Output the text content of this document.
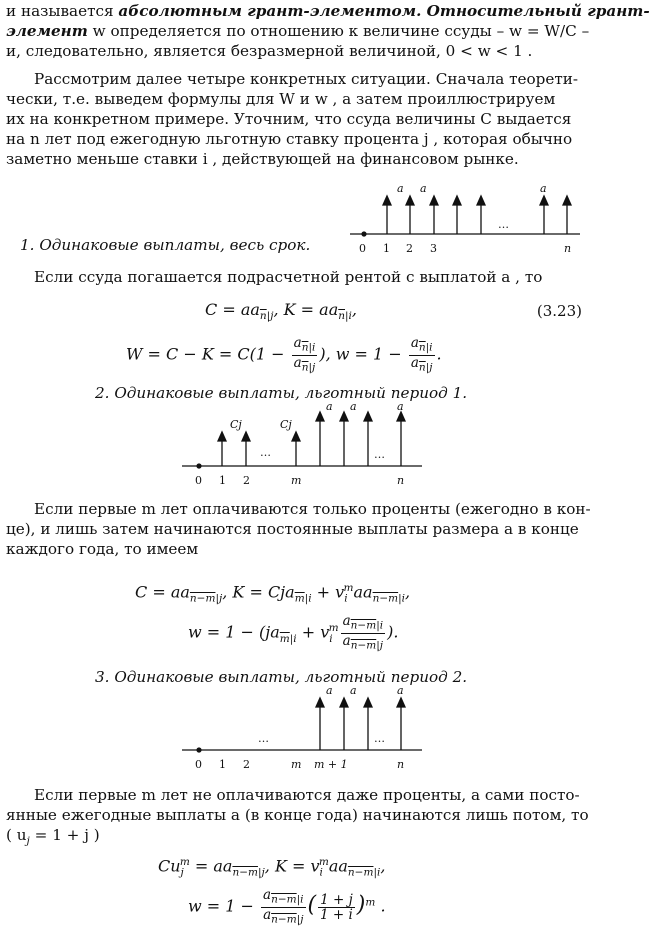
и называется абсолютным грант-элементом. Относительный грант-
элемент w определяется по отношению к величине ссуды – w = W/C –
и, следовательно, является безразмерной величиной, 0 < w < 1 .
Рассмотрим далее четыре конкретных ситуации. Сначала теорети-
чески, т.е. выведем формулы для W и w , а затем проиллюстрируем
их на конкретном примере. Уточним, что ссуда величины C выдается
на n лет под ежегодную льготную ставку процента j , которая обычно
заметно меньше ставки i , действующей на финансовом рынке.
a a	a
…
0 1 2 3	n
1. Одинаковые выплаты, весь срок.
Если ссуда погашается подрасчетной рентой с выплатой a , то
$C = aa_{\overline{n}|j}$, $K = aa_{\overline{n}|i}$,	(3.23)
$W = C - K = C(1 - \frac{a_{\overline{n}|i}}{a_{\overline{n}|j}}$ ), $w = 1 - \frac{a_{\overline{n}|i}}{a_{\overline{n}|j}}$ .
2. Одинаковые выплаты, льготный период 1.
Cj	Cj
a a	a
…	…
0 1 2	m	n
Если первые m лет оплачиваются только проценты (ежегодно в кон-
це), и лишь затем начинаются постоянные выплаты размера a в конце
каждого года, то имеем
$C = aa_{n-m|j}$, $K = Cja_{\overline{m}|i} + v_i^maa_{n-m|i}$,
$w = 1 - (ja_{\overline{m}|i} + v_i^m \frac{a_{n-m|i}}{a_{n-m|j}}$ ).
3. Одинаковые выплаты, льготный период 2.
a a	a
…	…
0 1 2	m m + 1	n
Если первые m лет не оплачиваются даже проценты, а сами посто-
янные ежегодные выплаты a (в конце года) начинаются лишь потом, то
( $u_j = 1 + j$ )
$Cu_j^m = aa_{n-m|j}$, $K = v_i^maa_{n-m|i}$,
$w = 1 - \frac{a_{n-m|i}}{a_{n-m|j}}$ ( $\frac{1 + j}{1 + i} )^m$ .
